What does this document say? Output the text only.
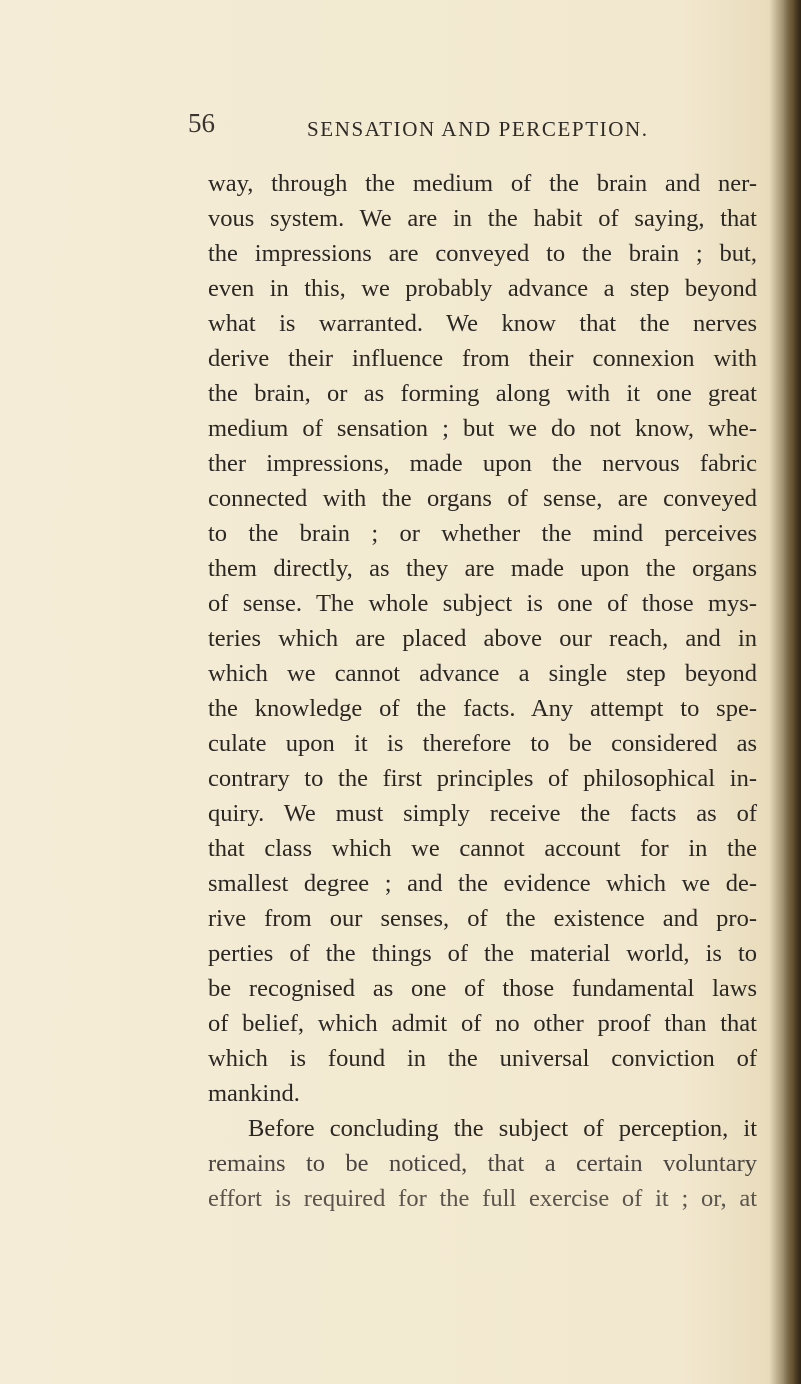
56	SENSATION AND PERCEPTION.
way, through the medium of the brain and ner-
vous system. We are in the habit of saying, that
the impressions are conveyed to the brain ; but,
even in this, we probably advance a step beyond
what is warranted. We know that the nerves
derive their influence from their connexion with
the brain, or as forming along with it one great
medium of sensation ; but we do not know, whe-
ther impressions, made upon the nervous fabric
connected with the organs of sense, are conveyed
to the brain ; or whether the mind perceives
them directly, as they are made upon the organs
of sense. The whole subject is one of those mys-
teries which are placed above our reach, and in
which we cannot advance a single step beyond
the knowledge of the facts. Any attempt to spe-
culate upon it is therefore to be considered as
contrary to the first principles of philosophical in-
quiry. We must simply receive the facts as of
that class which we cannot account for in the
smallest degree ; and the evidence which we de-
rive from our senses, of the existence and pro-
perties of the things of the material world, is to
be recognised as one of those fundamental laws
of belief, which admit of no other proof than that
which is found in the universal conviction of
mankind.
Before concluding the subject of perception, it
remains to be noticed, that a certain voluntary
effort is required for the full exercise of it ; or, at
